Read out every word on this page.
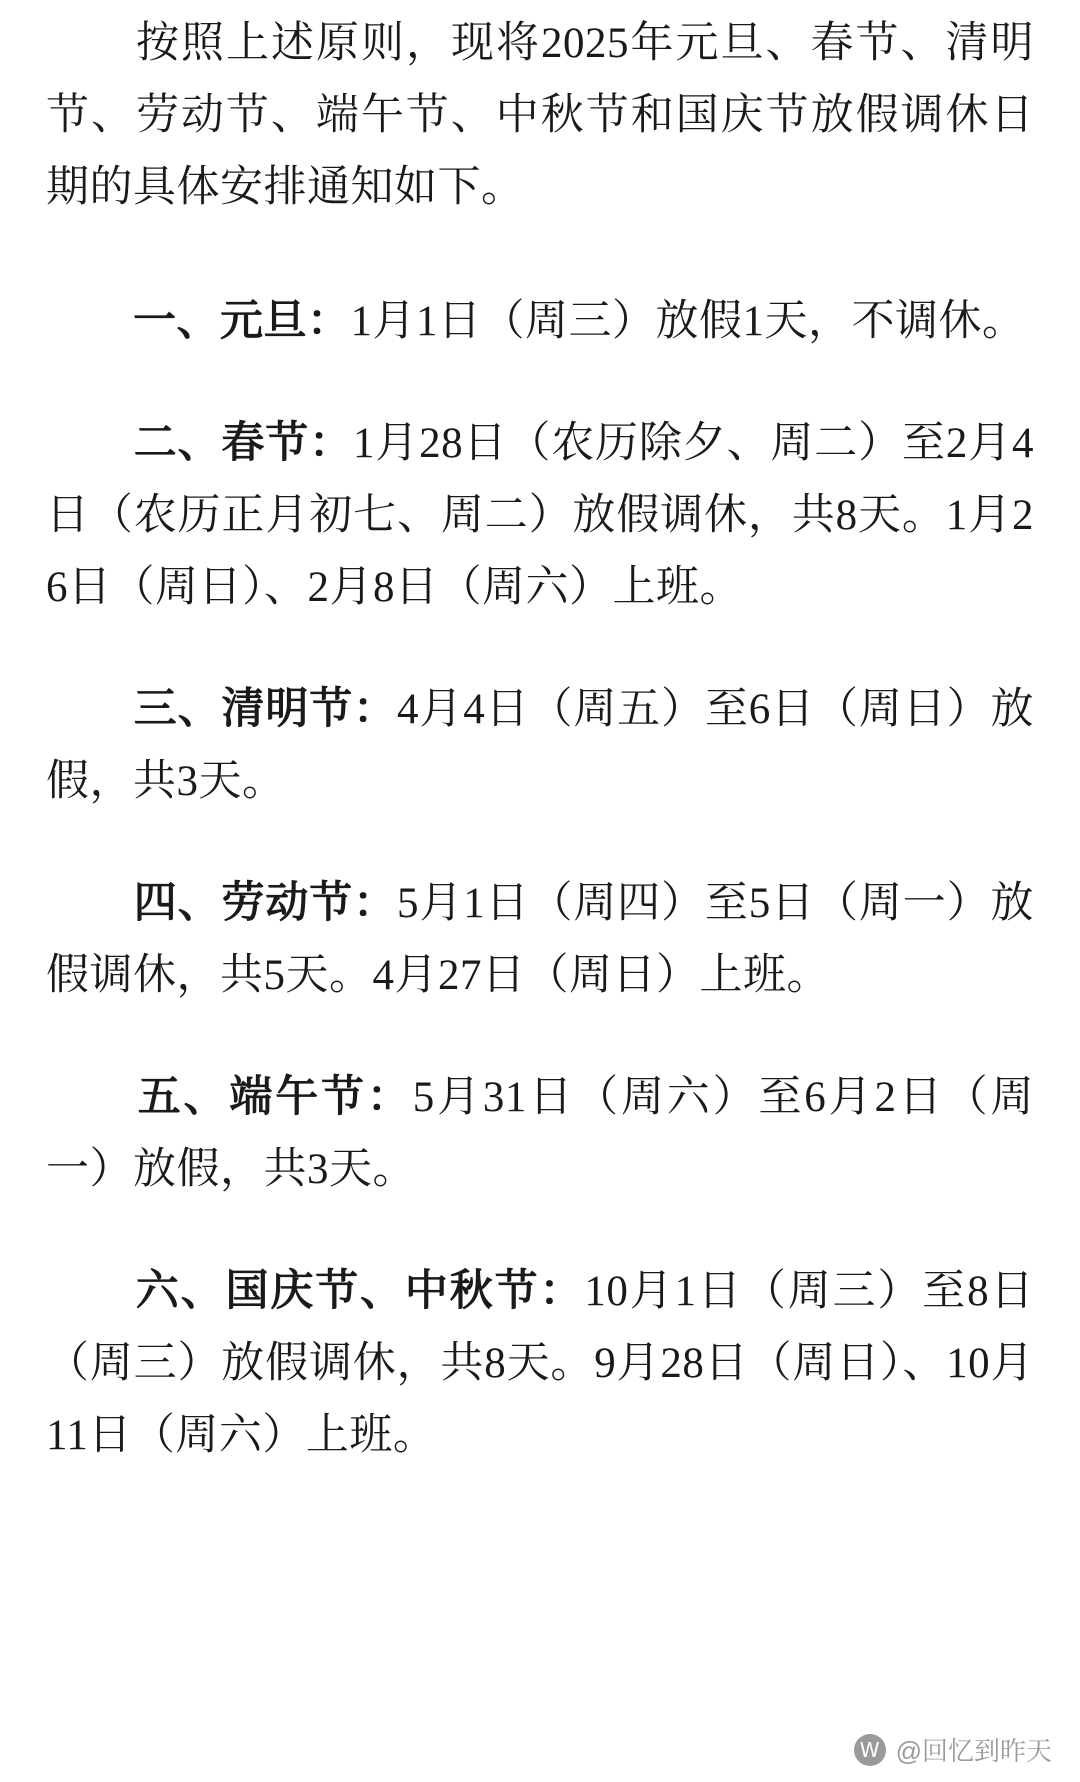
　　按照上述原则，现将2025年元旦、春节、清明节、劳动节、端午节、中秋节和国庆节放假调休日期的具体安排通知如下。

　　一、元旦：1月1日（周三）放假1天，不调休。

　　二、春节：1月28日（农历除夕、周二）至2月4日（农历正月初七、周二）放假调休，共8天。1月26日（周日）、2月8日（周六）上班。

　　三、清明节：4月4日（周五）至6日（周日）放假，共3天。

　　四、劳动节：5月1日（周四）至5日（周一）放假调休，共5天。4月27日（周日）上班。

　　五、端午节：5月31日（周六）至6月2日（周一）放假，共3天。

　　六、国庆节、中秋节：10月1日（周三）至8日（周三）放假调休，共8天。9月28日（周日）、10月11日（周六）上班。

W @回忆到昨天
